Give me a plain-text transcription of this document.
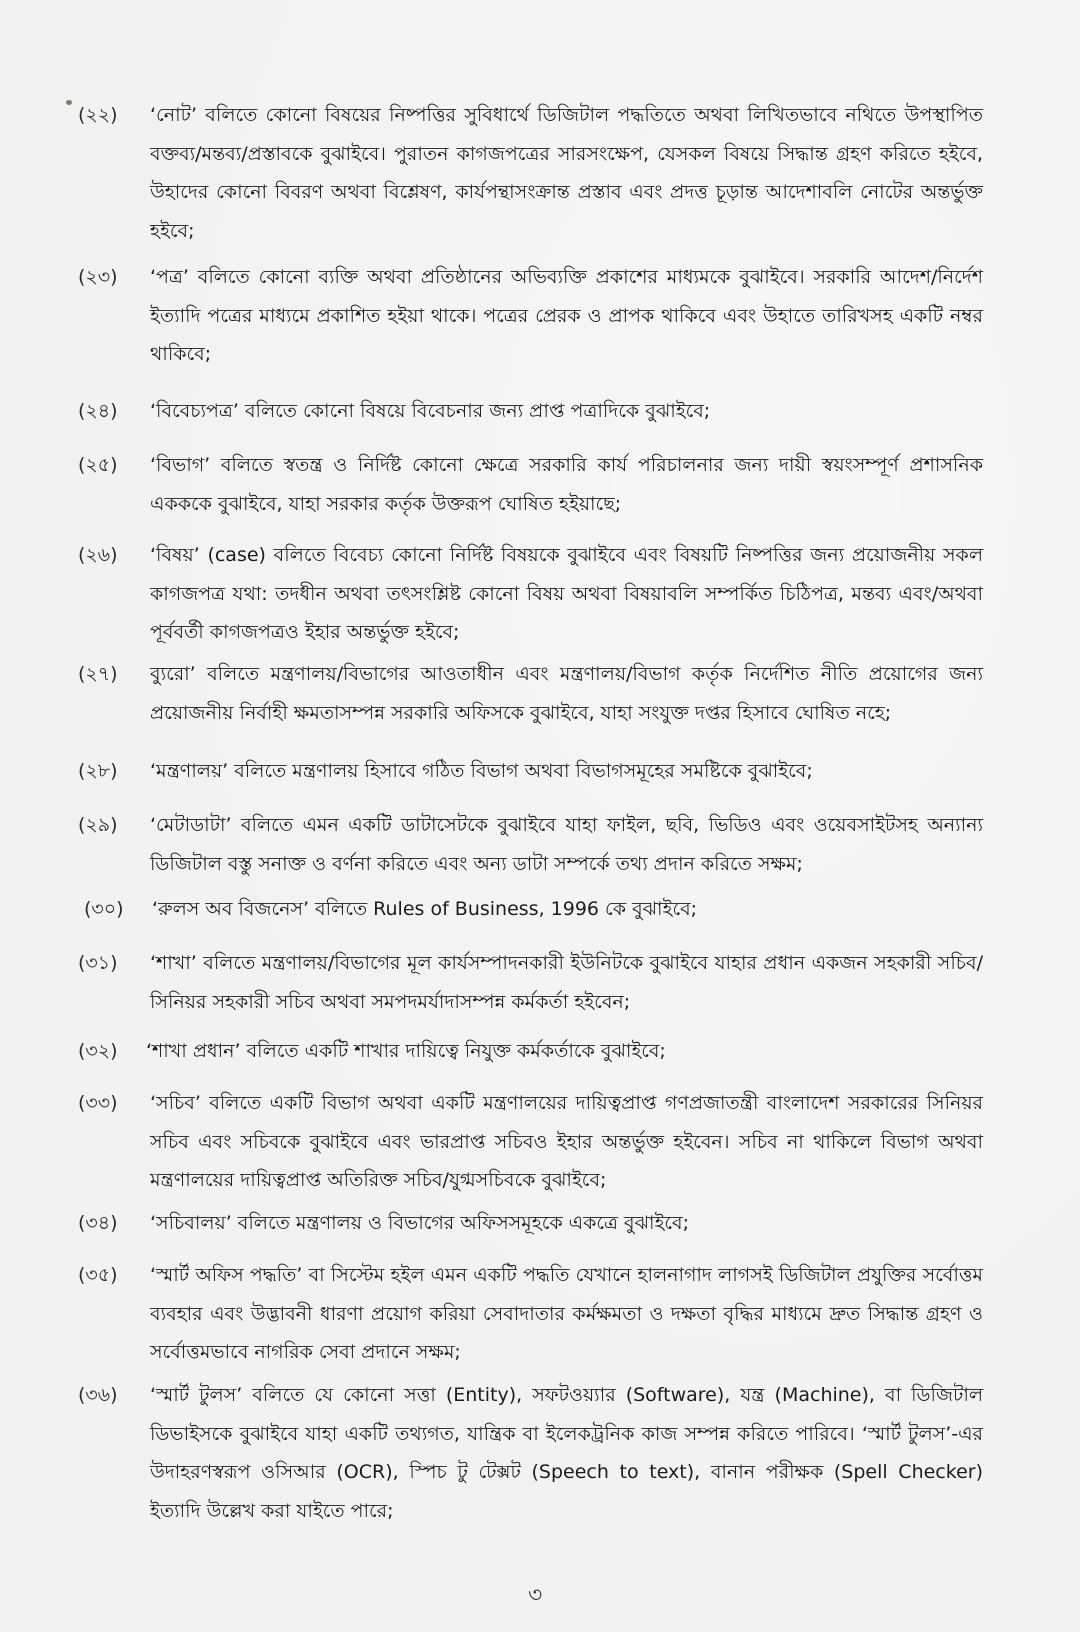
(২২) ‘নোট’ বলিতে কোনো বিষয়ের নিষ্পত্তির সুবিধার্থে ডিজিটাল পদ্ধতিতে অথবা লিখিতভাবে নথিতে উপস্থাপিত বক্তব্য/মন্তব্য/প্রস্তাবকে বুঝাইবে। পুরাতন কাগজপত্রের সারসংক্ষেপ, যেসকল বিষয়ে সিদ্ধান্ত গ্রহণ করিতে হইবে, উহাদের কোনো বিবরণ অথবা বিশ্লেষণ, কার্যপন্থাসংক্রান্ত প্রস্তাব এবং প্রদত্ত চূড়ান্ত আদেশাবলি নোটের অন্তর্ভুক্ত হইবে;
(২৩) ‘পত্র’ বলিতে কোনো ব্যক্তি অথবা প্রতিষ্ঠানের অভিব্যক্তি প্রকাশের মাধ্যমকে বুঝাইবে। সরকারি আদেশ/নির্দেশ ইত্যাদি পত্রের মাধ্যমে প্রকাশিত হইয়া থাকে। পত্রের প্রেরক ও প্রাপক থাকিবে এবং উহাতে তারিখসহ একটি নম্বর থাকিবে;
(২৪) ‘বিবেচ্যপত্র’ বলিতে কোনো বিষয়ে বিবেচনার জন্য প্রাপ্ত পত্রাদিকে বুঝাইবে;
(২৫) ‘বিভাগ’ বলিতে স্বতন্ত্র ও নির্দিষ্ট কোনো ক্ষেত্রে সরকারি কার্য পরিচালনার জন্য দায়ী স্বয়ংসম্পূর্ণ প্রশাসনিক একককে বুঝাইবে, যাহা সরকার কর্তৃক উক্তরূপ ঘোষিত হইয়াছে;
(২৬) ‘বিষয়’ (case) বলিতে বিবেচ্য কোনো নির্দিষ্ট বিষয়কে বুঝাইবে এবং বিষয়টি নিষ্পত্তির জন্য প্রয়োজনীয় সকল কাগজপত্র যথা: তদধীন অথবা তৎসংশ্লিষ্ট কোনো বিষয় অথবা বিষয়াবলি সম্পর্কিত চিঠিপত্র, মন্তব্য এবং/অথবা পূর্ববর্তী কাগজপত্রও ইহার অন্তর্ভুক্ত হইবে;
(২৭) ব্যুরো’ বলিতে মন্ত্রণালয়/বিভাগের আওতাধীন এবং মন্ত্রণালয়/বিভাগ কর্তৃক নির্দেশিত নীতি প্রয়োগের জন্য প্রয়োজনীয় নির্বাহী ক্ষমতাসম্পন্ন সরকারি অফিসকে বুঝাইবে, যাহা সংযুক্ত দপ্তর হিসাবে ঘোষিত নহে;
(২৮) ‘মন্ত্রণালয়’ বলিতে মন্ত্রণালয় হিসাবে গঠিত বিভাগ অথবা বিভাগসমূহের সমষ্টিকে বুঝাইবে;
(২৯) ‘মেটাডাটা’ বলিতে এমন একটি ডাটাসেটকে বুঝাইবে যাহা ফাইল, ছবি, ভিডিও এবং ওয়েবসাইটসহ অন্যান্য ডিজিটাল বস্তু সনাক্ত ও বর্ণনা করিতে এবং অন্য ডাটা সম্পর্কে তথ্য প্রদান করিতে সক্ষম;
(৩০) ‘রুলস অব বিজনেস’ বলিতে Rules of Business, 1996 কে বুঝাইবে;
(৩১) ‘শাখা’ বলিতে মন্ত্রণালয়/বিভাগের মূল কার্যসম্পাদনকারী ইউনিটকে বুঝাইবে যাহার প্রধান একজন সহকারী সচিব/সিনিয়র সহকারী সচিব অথবা সমপদমর্যাদাসম্পন্ন কর্মকর্তা হইবেন;
(৩২) ‘শাখা প্রধান’ বলিতে একটি শাখার দায়িত্বে নিযুক্ত কর্মকর্তাকে বুঝাইবে;
(৩৩) ‘সচিব’ বলিতে একটি বিভাগ অথবা একটি মন্ত্রণালয়ের দায়িত্বপ্রাপ্ত গণপ্রজাতন্ত্রী বাংলাদেশ সরকারের সিনিয়র সচিব এবং সচিবকে বুঝাইবে এবং ভারপ্রাপ্ত সচিবও ইহার অন্তর্ভুক্ত হইবেন। সচিব না থাকিলে বিভাগ অথবা মন্ত্রণালয়ের দায়িত্বপ্রাপ্ত অতিরিক্ত সচিব/যুগ্মসচিবকে বুঝাইবে;
(৩৪) ‘সচিবালয়’ বলিতে মন্ত্রণালয় ও বিভাগের অফিসসমূহকে একত্রে বুঝাইবে;
(৩৫) ‘স্মার্ট অফিস পদ্ধতি’ বা সিস্টেম হইল এমন একটি পদ্ধতি যেখানে হালনাগাদ লাগসই ডিজিটাল প্রযুক্তির সর্বোত্তম ব্যবহার এবং উদ্ভাবনী ধারণা প্রয়োগ করিয়া সেবাদাতার কর্মক্ষমতা ও দক্ষতা বৃদ্ধির মাধ্যমে দ্রুত সিদ্ধান্ত গ্রহণ ও সর্বোত্তমভাবে নাগরিক সেবা প্রদানে সক্ষম;
(৩৬) ‘স্মার্ট টুলস’ বলিতে যে কোনো সত্তা (Entity), সফটওয়্যার (Software), যন্ত্র (Machine), বা ডিজিটাল ডিভাইসকে বুঝাইবে যাহা একটি তথ্যগত, যান্ত্রিক বা ইলেকট্রনিক কাজ সম্পন্ন করিতে পারিবে। ‘স্মার্ট টুলস’-এর উদাহরণস্বরূপ ওসিআর (OCR), স্পিচ টু টেক্সট (Speech to text), বানান পরীক্ষক (Spell Checker) ইত্যাদি উল্লেখ করা যাইতে পারে;
৩
